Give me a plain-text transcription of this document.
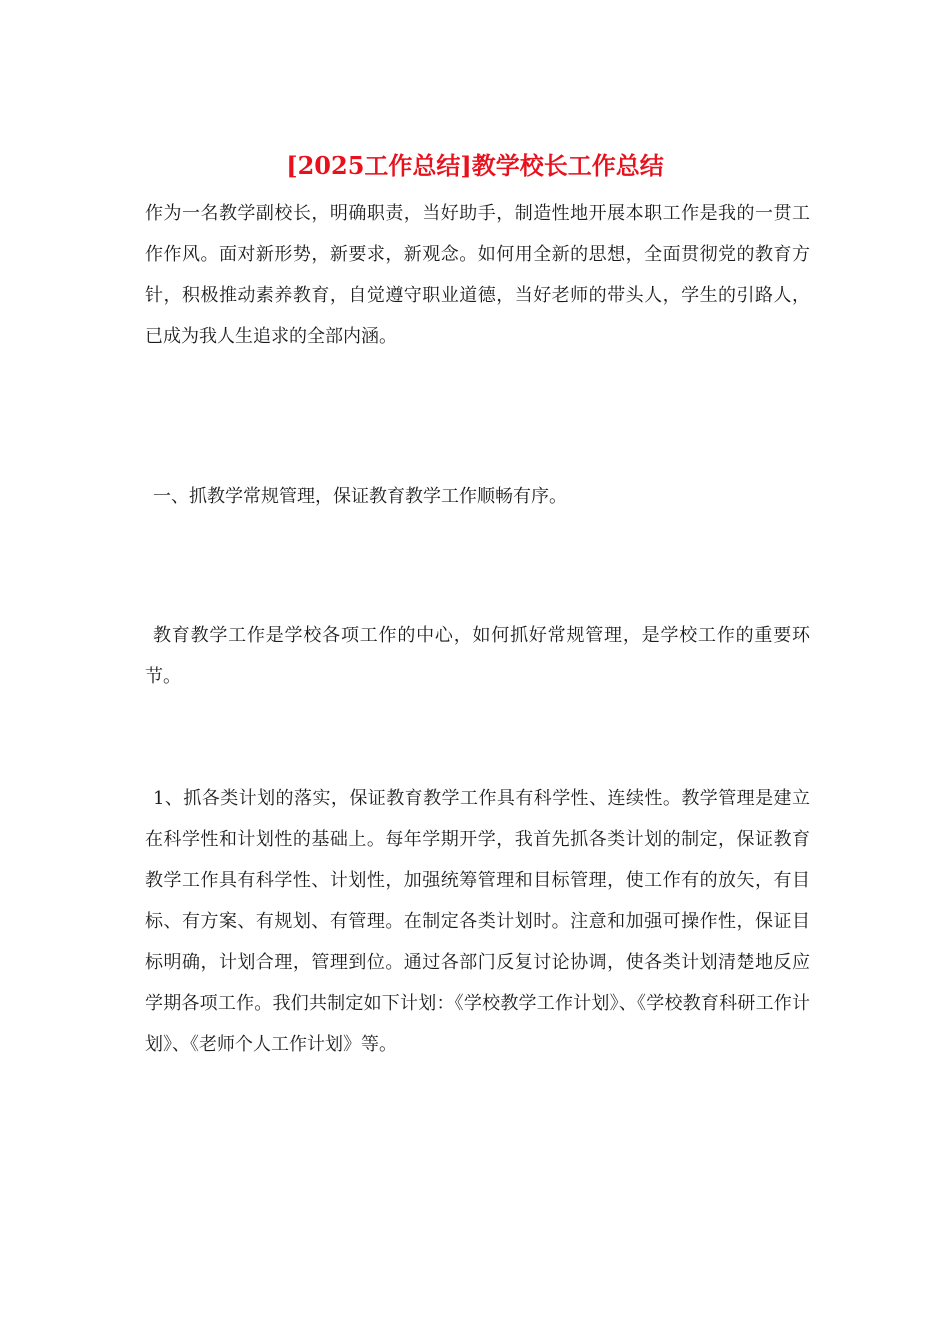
[2025工作总结]教学校长工作总结

作为一名教学副校长，明确职责，当好助手，制造性地开展本职工作是我的一贯工作作风。面对新形势，新要求，新观念。如何用全新的思想，全面贯彻党的教育方针，积极推动素养教育，自觉遵守职业道德，当好老师的带头人，学生的引路人，已成为我人生追求的全部内涵。

一、抓教学常规管理，保证教育教学工作顺畅有序。

教育教学工作是学校各项工作的中心，如何抓好常规管理，是学校工作的重要环节。

1、抓各类计划的落实，保证教育教学工作具有科学性、连续性。教学管理是建立在科学性和计划性的基础上。每年学期开学，我首先抓各类计划的制定，保证教育教学工作具有科学性、计划性，加强统筹管理和目标管理，使工作有的放矢，有目标、有方案、有规划、有管理。在制定各类计划时。注意和加强可操作性，保证目标明确，计划合理，管理到位。通过各部门反复讨论协调，使各类计划清楚地反应学期各项工作。我们共制定如下计划：《学校教学工作计划》、《学校教育科研工作计划》、《老师个人工作计划》等。
